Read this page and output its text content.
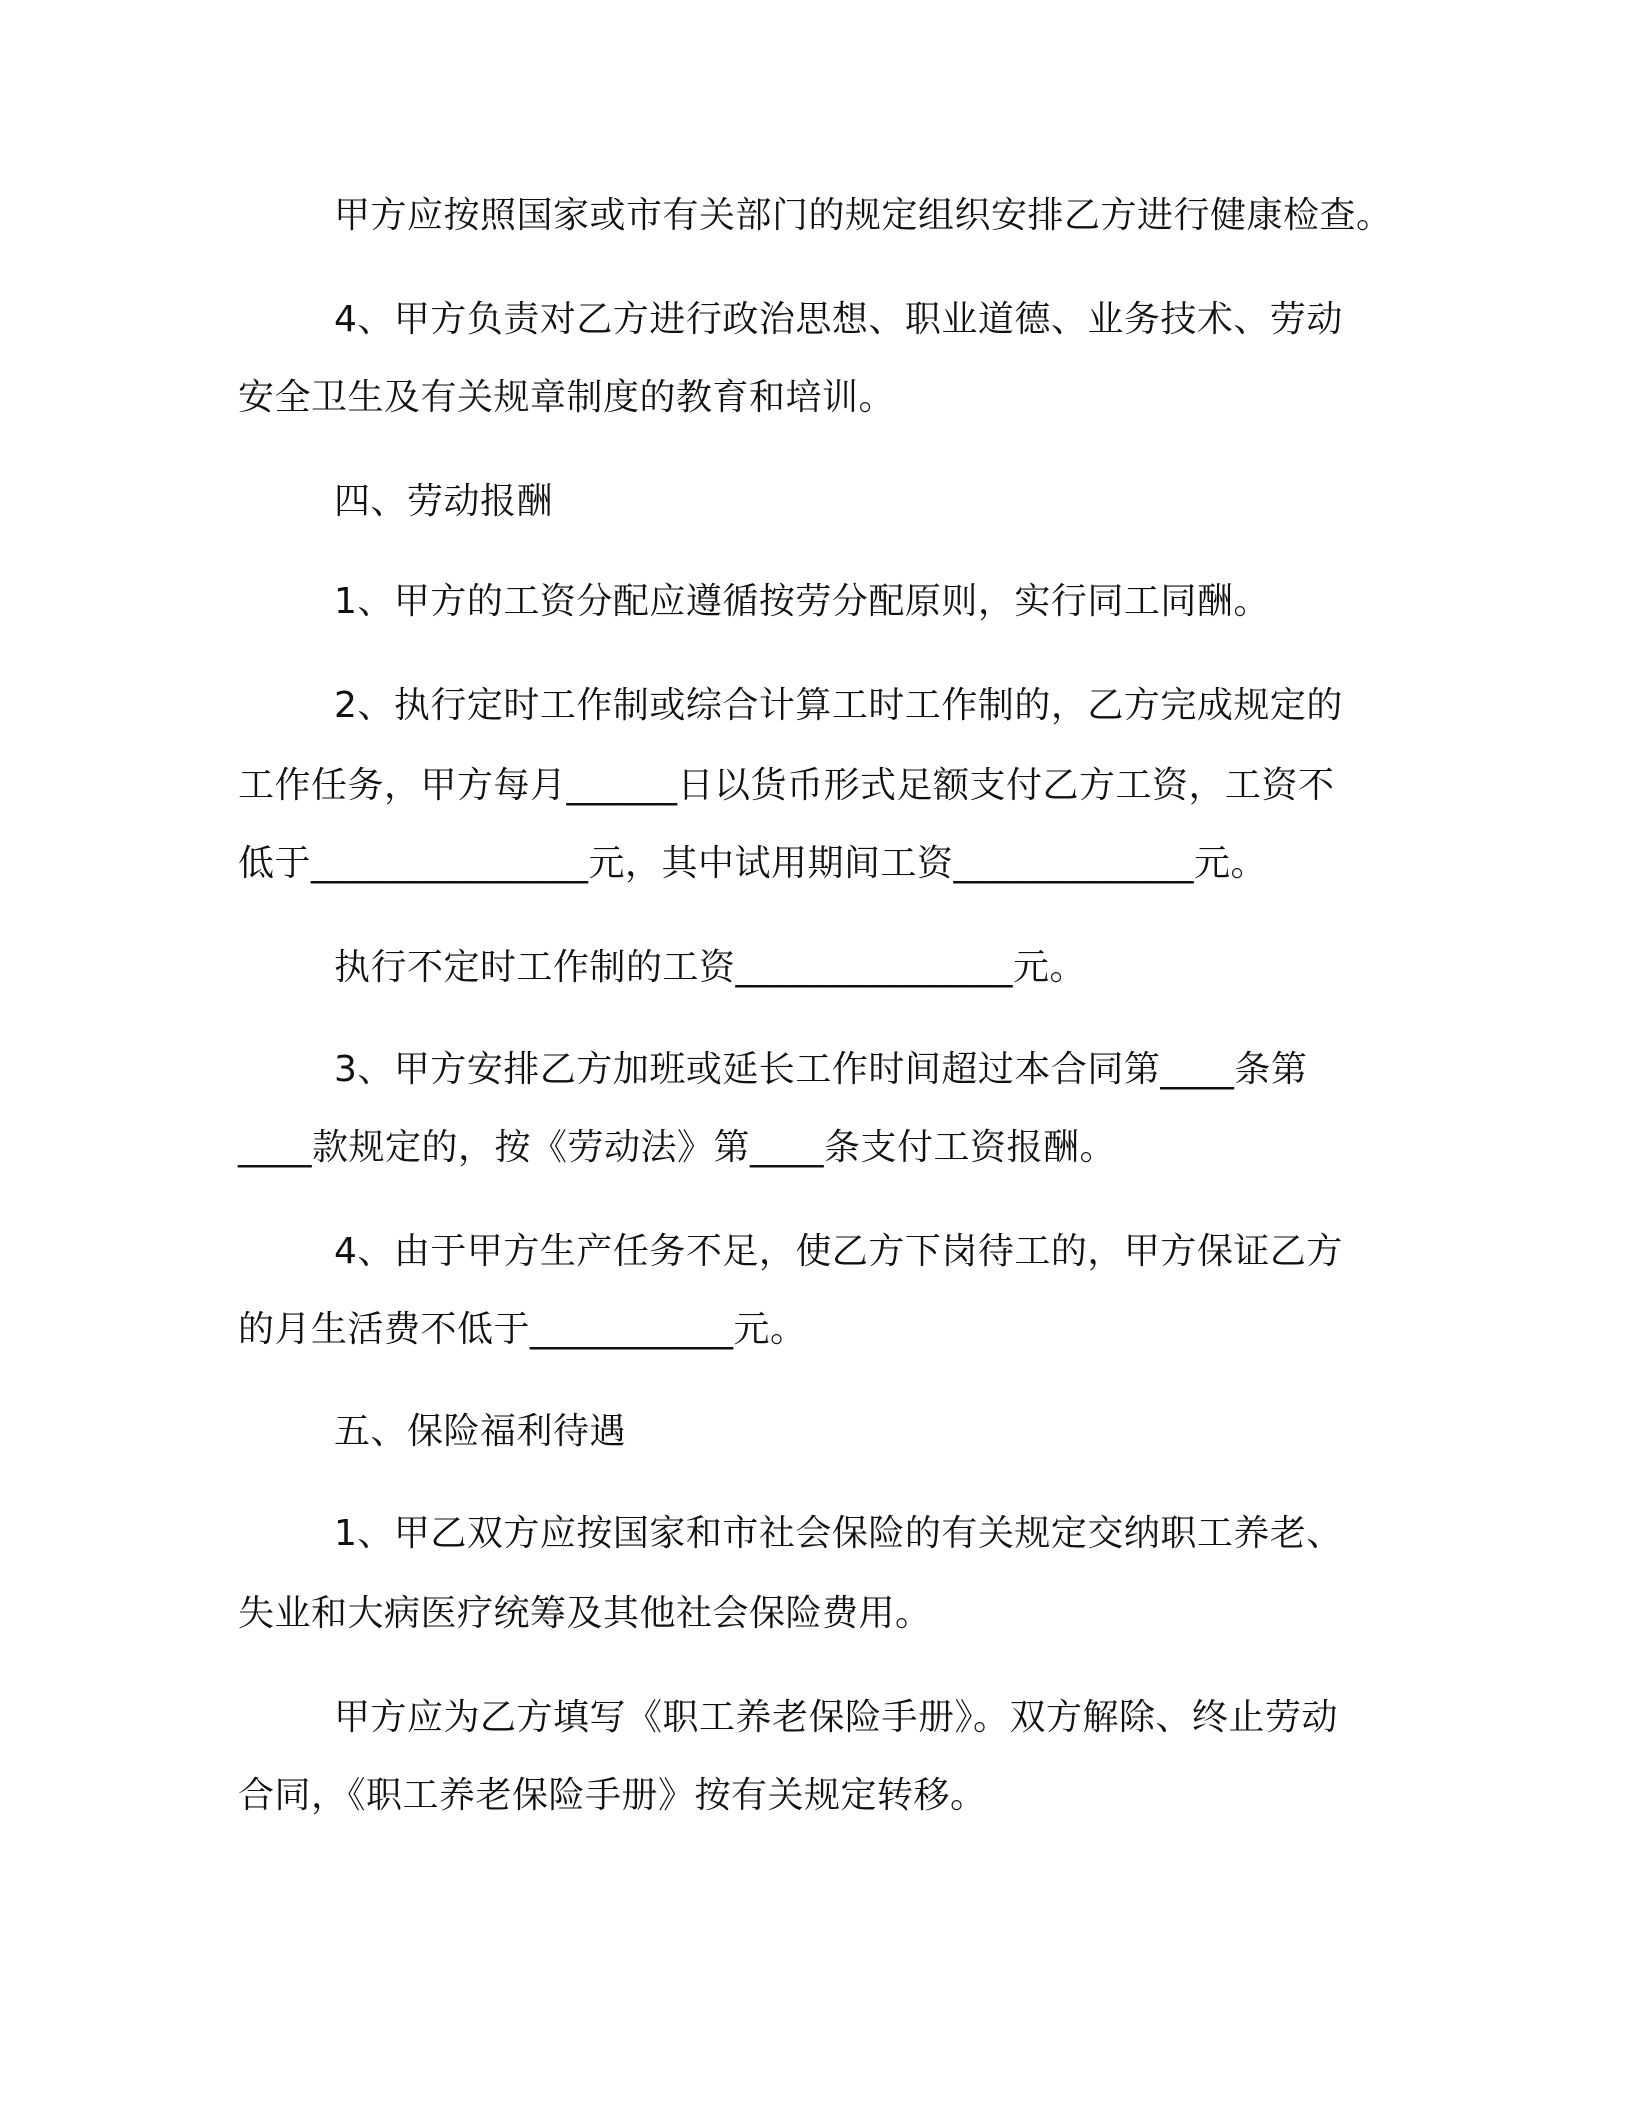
甲方应按照国家或市有关部门的规定组织安排乙方进行健康检查。
4、甲方负责对乙方进行政治思想、职业道德、业务技术、劳动
安全卫生及有关规章制度的教育和培训。
四、劳动报酬
1、甲方的工资分配应遵循按劳分配原则，实行同工同酬。
2、执行定时工作制或综合计算工时工作制的，乙方完成规定的
工作任务，甲方每月______日以货币形式足额支付乙方工资，工资不
低于_______________元，其中试用期间工资_____________元。
执行不定时工作制的工资_______________元。
3、甲方安排乙方加班或延长工作时间超过本合同第____条第
____款规定的，按《劳动法》第____条支付工资报酬。
4、由于甲方生产任务不足，使乙方下岗待工的，甲方保证乙方
的月生活费不低于___________元。
五、保险福利待遇
1、甲乙双方应按国家和市社会保险的有关规定交纳职工养老、
失业和大病医疗统筹及其他社会保险费用。
甲方应为乙方填写《职工养老保险手册》。双方解除、终止劳动
合同，《职工养老保险手册》按有关规定转移。
